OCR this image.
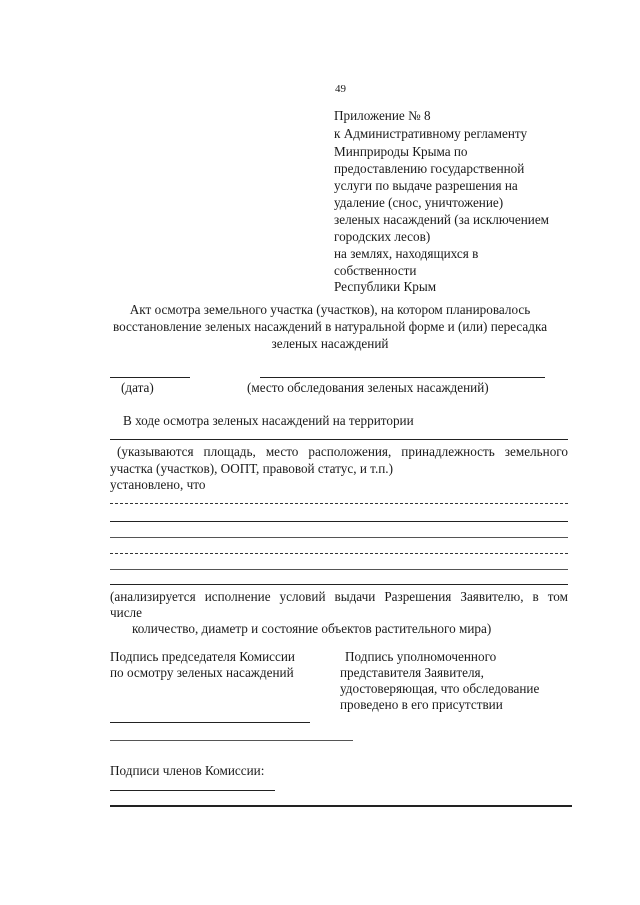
49
Приложение № 8
к Административному регламенту
Минприроды Крыма по
предоставлению государственной
услуги по выдаче разрешения на
удаление (снос, уничтожение)
зеленых насаждений (за исключением
городских лесов)
на землях, находящихся в
собственности
Республики Крым
Акт осмотра земельного участка (участков), на котором планировалось
восстановление зеленых насаждений в натуральной форме и (или) пересадка
зеленых насаждений
(дата)	(место обследования зеленых насаждений)
В ходе осмотра зеленых насаждений на территории
(указываются площадь, место расположения, принадлежность земельного
участка (участков), ООПТ, правовой статус, и т.п.)
установлено, что
(анализируется исполнение условий выдачи Разрешения Заявителю, в том
числе
количество, диаметр и состояние объектов растительного мира)
Подпись председателя Комиссии
по осмотру зеленых насаждений
Подпись уполномоченного
представителя Заявителя,
удостоверяющая, что обследование
проведено в его присутствии
Подписи членов Комиссии:
